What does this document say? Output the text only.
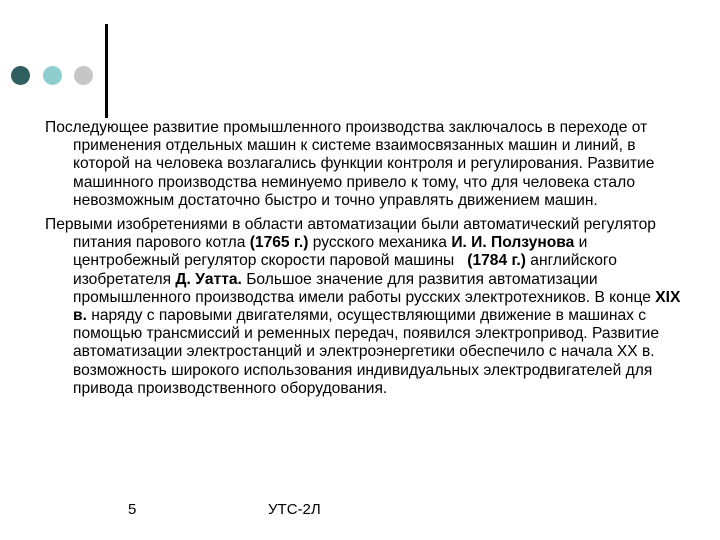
Последующее развитие промышленного производства заключалось в переходе от применения отдельных машин к системе взаимосвязанных машин и линий, в которой на человека возлагались функции контроля и регулирования. Развитие машинного производства неминуемо привело к тому, что для человека стало невозможным достаточно быстро и точно управлять движением машин.

Первыми изобретениями в области автоматизации были автоматический регулятор питания парового котла (1765 г.) русского механика И. И. Ползунова и центробежный регулятор скорости паровой машины   (1784 г.) английского изобретателя Д. Уатта. Большое значение для развития автоматизации промышленного производства имели работы русских электротехников. В конце XIX в. наряду с паровыми двигателями, осуществляющими движение в машинах с помощью трансмиссий и ременных передач, появился электропривод. Развитие автоматизации электростанций и электроэнергетики обеспечило с начала XX в. возможность широкого использования индивидуальных электродвигателей для привода производственного оборудования.

5	УТС-2Л
